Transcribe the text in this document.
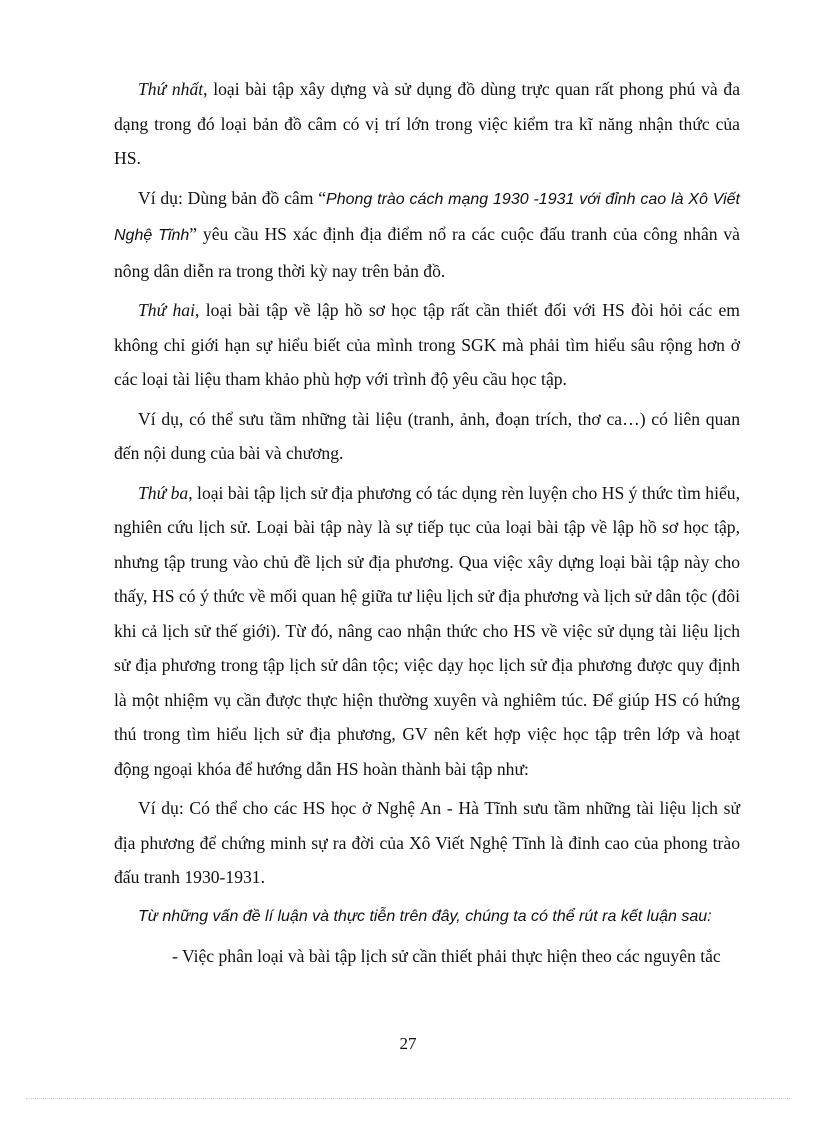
Thứ nhất, loại bài tập xây dựng và sử dụng đồ dùng trực quan rất phong phú và đa dạng trong đó loại bản đồ câm có vị trí lớn trong việc kiểm tra kĩ năng nhận thức của HS.

Ví dụ: Dùng bản đồ câm “Phong trào cách mạng 1930 -1931 với đỉnh cao là Xô Viết Nghệ Tĩnh” yêu cầu HS xác định địa điểm nổ ra các cuộc đấu tranh của công nhân và nông dân diễn ra trong thời kỳ nay trên bản đồ.

Thứ hai, loại bài tập về lập hồ sơ học tập rất cần thiết đối với HS đòi hỏi các em không chỉ giới hạn sự hiểu biết của mình trong SGK mà phải tìm hiểu sâu rộng hơn ở các loại tài liệu tham khảo phù hợp với trình độ yêu cầu học tập.

Ví dụ, có thể sưu tầm những tài liệu (tranh, ảnh, đoạn trích, thơ ca…) có liên quan đến nội dung của bài và chương.

Thứ ba, loại bài tập lịch sử địa phương có tác dụng rèn luyện cho HS ý thức tìm hiểu, nghiên cứu lịch sử. Loại bài tập này là sự tiếp tục của loại bài tập về lập hồ sơ học tập, nhưng tập trung vào chủ đề lịch sử địa phương. Qua việc xây dựng loại bài tập này cho thấy, HS có ý thức về mối quan hệ giữa tư liệu lịch sử địa phương và lịch sử dân tộc (đôi khi cả lịch sử thế giới). Từ đó, nâng cao nhận thức cho HS về việc sử dụng tài liệu lịch sử địa phương trong tập lịch sử dân tộc; việc dạy học lịch sử địa phương được quy định là một nhiệm vụ cần được thực hiện thường xuyên và nghiêm túc. Để giúp HS có hứng thú trong tìm hiểu lịch sử địa phương, GV nên kết hợp việc học tập trên lớp và hoạt động ngoại khóa để hướng dẫn HS hoàn thành bài tập như:

Ví dụ: Có thể cho các HS học ở Nghệ An - Hà Tĩnh sưu tầm những tài liệu lịch sử địa phương để chứng minh sự ra đời của Xô Viết Nghệ Tĩnh là đỉnh cao của phong trào đấu tranh 1930-1931.

Từ những vấn đề lí luận và thực tiễn trên đây, chúng ta có thể rút ra kết luận sau:

- Việc phân loại và bài tập lịch sử cần thiết phải thực hiện theo các nguyên tắc

27
